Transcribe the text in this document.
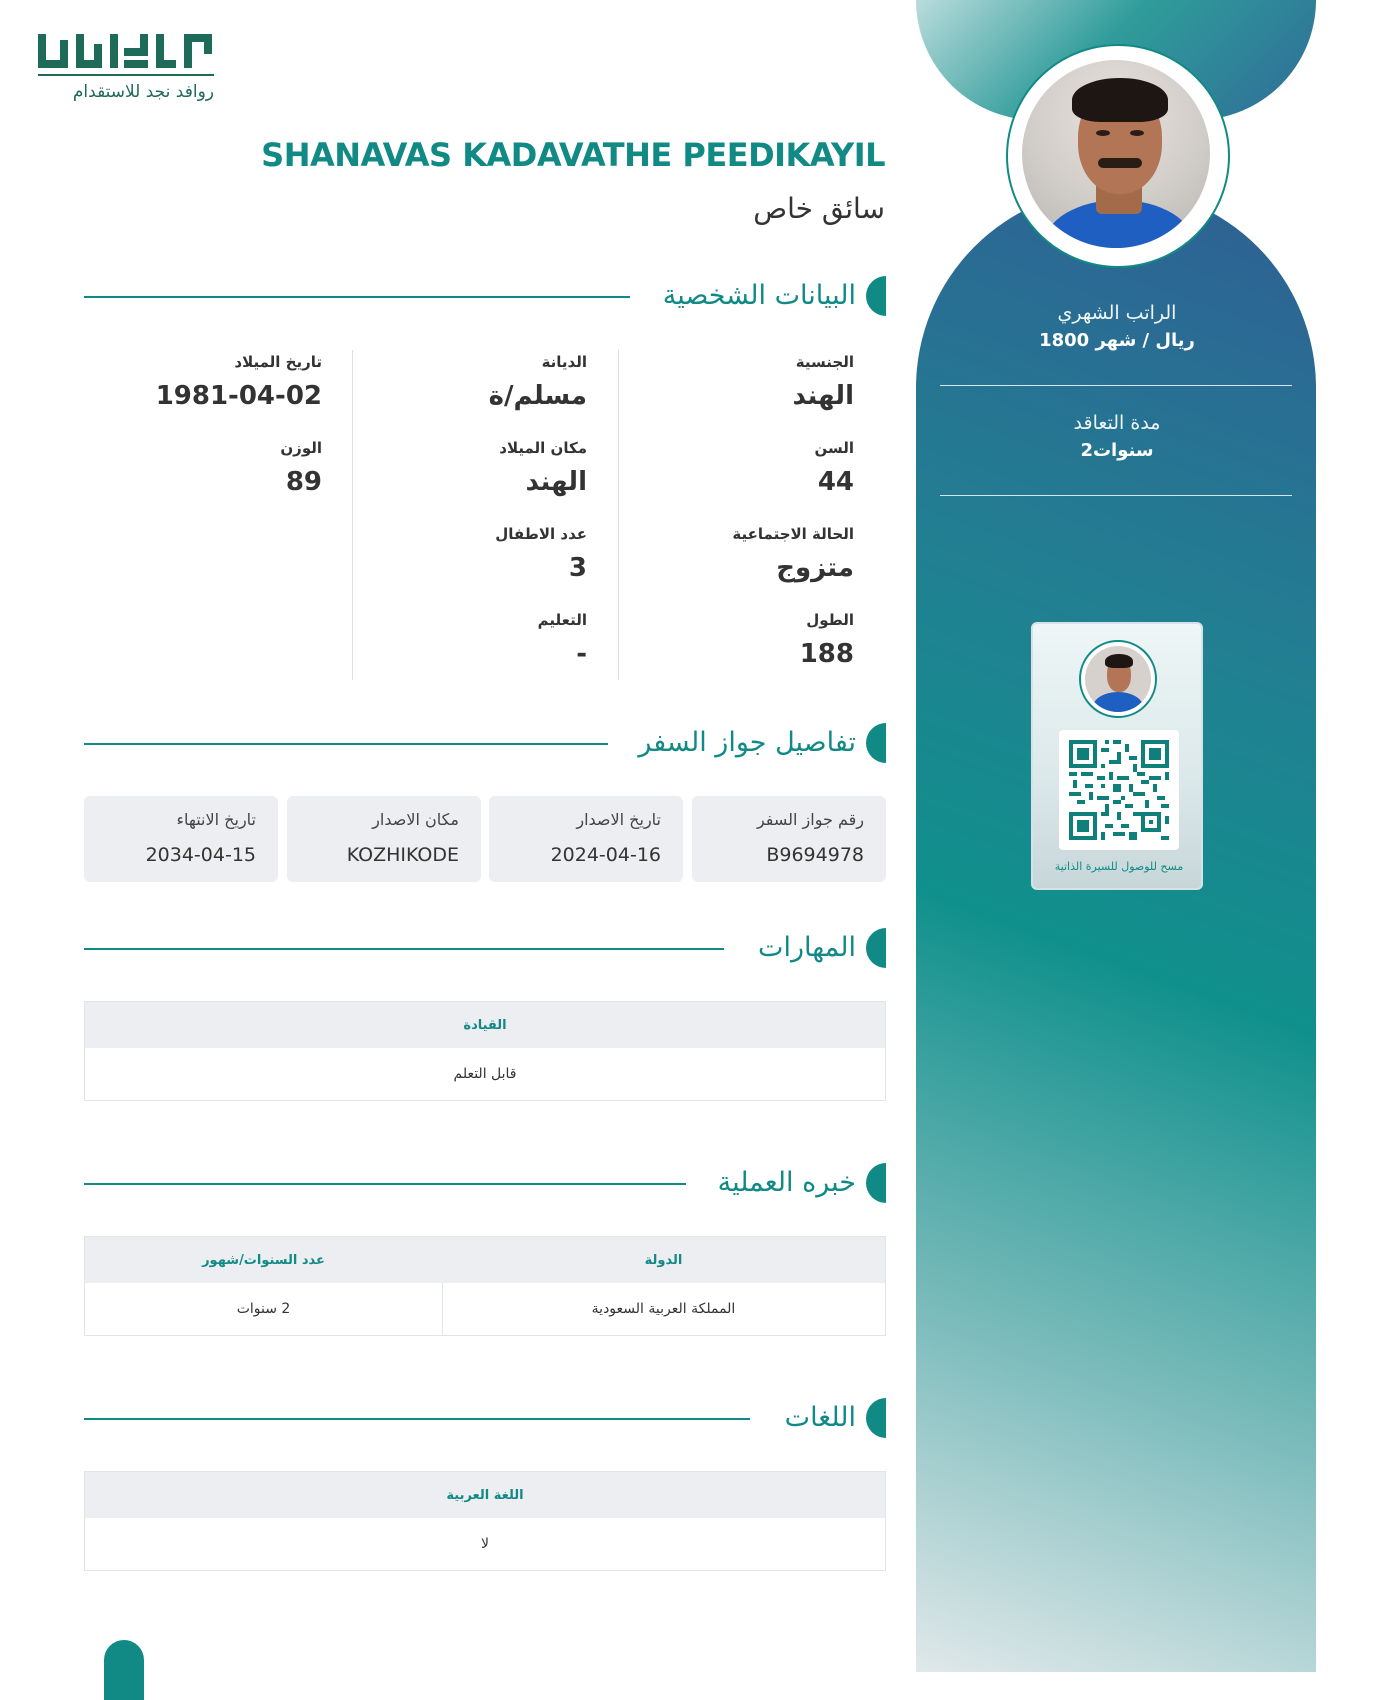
الراتب الشهري
1800 ريال / شهر
مدة التعاقد
2سنوات
مسح للوصول للسيرة الذاتية
روافد نجد للاستقدام
SHANAVAS KADAVATHE PEEDIKAYIL
سائق خاص
البيانات الشخصية
الجنسية
الهند
السن
44
الحالة الاجتماعية
متزوج
الطول
188
الديانة
مسلم/ة
مكان الميلاد
الهند
عدد الاطفال
3
التعليم
-
تاريخ الميلاد
1981-04-02
الوزن
89
تفاصيل جواز السفر
رقم جواز السفر
B9694978
تاريخ الاصدار
2024-04-16
مكان الاصدار
KOZHIKODE
تاريخ الانتهاء
2034-04-15
المهارات
القيادة
قابل التعلم
خبره العملية
الدولة
عدد السنوات/شهور
المملكة العربية السعودية
2 سنوات
اللغات
اللغة العربية
لا
